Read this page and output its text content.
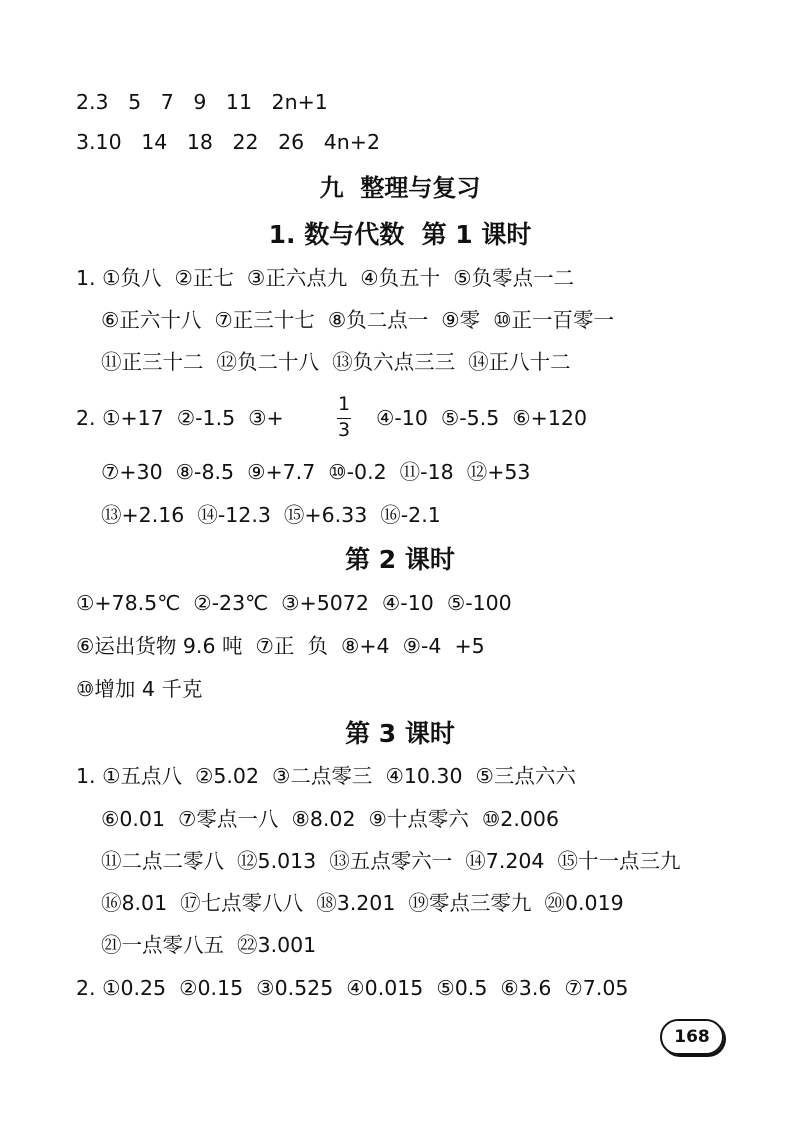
2.3   5   7   9   11   2n+1
3.10   14   18   22   26   4n+2
九  整理与复习
1. 数与代数  第 1 课时
1. ①负八  ②正七  ③正六点九  ④负五十  ⑤负零点一二
⑥正六十八  ⑦正三十七  ⑧负二点一  ⑨零  ⑩正一百零一
⑪正三十二  ⑫负二十八  ⑬负六点三三  ⑭正八十二
2. ①+17  ②-1.5  ③+
1
3 ④-10  ⑤-5.5  ⑥+120
⑦+30  ⑧-8.5  ⑨+7.7  ⑩-0.2  ⑪-18  ⑫+53
⑬+2.16  ⑭-12.3  ⑮+6.33  ⑯-2.1
第 2 课时
①+78.5℃  ②-23℃  ③+5072  ④-10  ⑤-100
⑥运出货物 9.6 吨  ⑦正  负  ⑧+4  ⑨-4  +5
⑩增加 4 千克
第 3 课时
1. ①五点八  ②5.02  ③二点零三  ④10.30  ⑤三点六六
⑥0.01  ⑦零点一八  ⑧8.02  ⑨十点零六  ⑩2.006
⑪二点二零八  ⑫5.013  ⑬五点零六一  ⑭7.204  ⑮十一点三九
⑯8.01  ⑰七点零八八  ⑱3.201  ⑲零点三零九  ⑳0.019
㉑一点零八五  ㉒3.001
2. ①0.25  ②0.15  ③0.525  ④0.015  ⑤0.5  ⑥3.6  ⑦7.05
168
